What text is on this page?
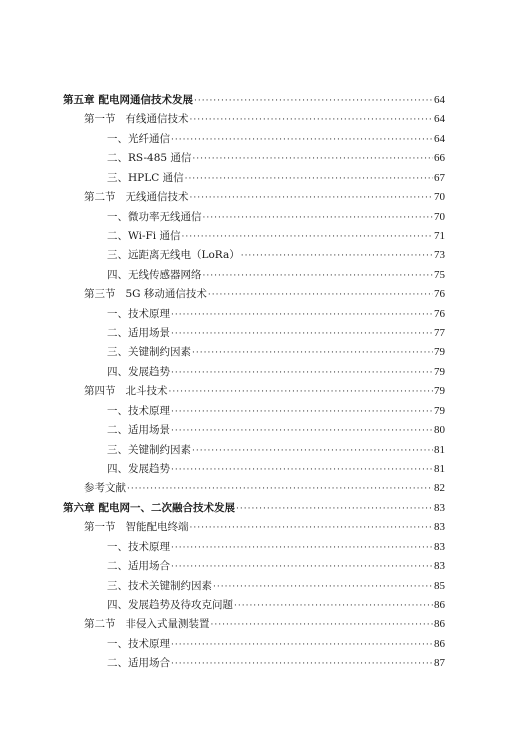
第五章 配电网通信技术发展 ·····	64
第一节 有线通信技术 ·····	64
一、光纤通信 ·····	64
二、RS-485 通信 ·····	66
三、HPLC 通信 ·····	67
第二节 无线通信技术 ·····	70
一、微功率无线通信 ·····	70
二、Wi-Fi 通信 ·····	71
三、远距离无线电（LoRa） ·····	73
四、无线传感器网络 ·····	75
第三节 5G 移动通信技术 ·····	76
一、技术原理 ·····	76
二、适用场景 ·····	77
三、关键制约因素 ·····	79
四、发展趋势 ·····	79
第四节 北斗技术 ·····	79
一、技术原理 ·····	79
二、适用场景 ·····	80
三、关键制约因素 ·····	81
四、发展趋势 ·····	81
参考文献 ·····	82
第六章 配电网一、二次融合技术发展 ·····	83
第一节 智能配电终端 ·····	83
一、技术原理 ·····	83
二、适用场合 ·····	83
三、技术关键制约因素 ·····	85
四、发展趋势及待攻克问题 ·····	86
第二节 非侵入式量测装置 ·····	86
一、技术原理 ·····	86
二、适用场合 ·····	87
